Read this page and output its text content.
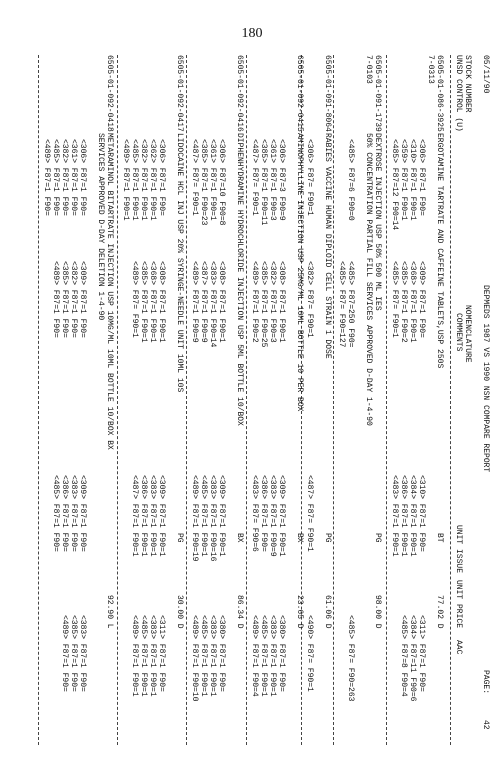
180
05/11/90
DEPMEDS 1987 VS 1990 NSN COMPARE REPORT
PAGE:
42
STOCK NUMBER
UNSD CONTROL (U)
NOMENCLATURE
COMMENTS
UNIT ISSUE
UNIT PRICE
AAC
6505-01-086-3925
7-0313
ERGOTAMINE TARTRATE AND CAFFEINE TABLETS,USP 250S
BT
77.02 D
<306> F87=1 F90=
<310> F87=1 F90=1
<359> F87=1 F90=1
<485> F87=12 F90=14
<309> F87=1 F90=
<368> F87=1 F90=1
<385> F87=1 F90=2
<485> F87= F90=1
<310> F87=1 F90=
<384> F87=1 F90=1
<386> F87=1 F90=1
<483> F87=1 F90=1
<311> F87=1 F90=
<384> F87=11 F90=6
<485> F87=8 F90=4
6505-01-091-1739
7-0103
DEXTROSE INJECTION USP 50% 500 ML IES
50% CONCENTRATION PARTIAL FILL SERVICES APPROVED D-DAY 1-4-90
PG
98.00 D
<485> F87=6 F90=0
<485> F87=250 F90=
<485> F87= F90=127
<485> F87= F90=263
6505-01-091-8064
RABIES VACCINE HUMAN DIPLOID CELL STRAIN 1 DOSE
PG
61.06 D
<306> F87= F90=1
<382> F87= F90=1
<487> F87= F90=1
<490> F87= F90=1
6505-01-092-0415
AMINOPHYLLINE INJECTION USP 25MG/ML 10ML BOTTLE 10 PER BOX
BX
23.65 D
<306> F87=3 F90=9
<361> F87=1 F90=3
<385> F87=1 F90=11
<487> F87= F90=1
<308> F87=1 F90=1
<382> F87=1 F90=3
<385> F87=1 F90=25
<489> F87=1 F90=2
<309> F87=1 F90=1
<383> F87=1 F90=9
<386> F87=1 F90=
<483> F87= F90=6
<380> F87=1 F90=
<383> F87=1 F90=1
<485> F87=1 F90=1
<489> F87=1 F90=4
6505-01-092-0416
DIPHENHYDRAMINE HYDROCHLORIDE INJECTION USP 5ML BOTTLE 10/BOX
BX
86.34 D
<306> F87=10 F90=8
<361> F87=1 F90=1
<385> F87=1 F90=23
<487> F87= F90=1
<308> F87=1 F90=1
<383> F87=1 F90=14
<387> F87=1 F90=9
<489> F87=1 F90=9
<309> F87=1 F90=1
<383> F87=1 F90=16
<485> F87=1 F90=1
<489> F87=1 F90=19
<380> F87=1 F90=
<383> F87=1 F90=1
<485> F87=1 F90=1
<489> F87=1 F90=10
6505-01-092-0417
LIDOCAINE HCL INJ USP 20% SYRINGE-NEEDLE UNIT 10ML 10S
PG
30.00 D
<306> F87=1 F90=
<362> F87=1 F90=1
<382> F87=1 F90=1
<485> F87=1 F90=1
<489> F87=1 F90=1
<308> F87=1 F90=1
<368> F87=1 F90=1
<385> F87=1 F90=1
<489> F87= F90=1
<309> F87=1 F90=1
<383> F87=1 F90=1
<386> F87=1 F90=1
<487> F87=1 F90=1
<311> F87=1 F90=
<383> F87=1 F90=1
<485> F87=1 F90=1
<489> F87=1 F90=1
6505-01-092-0418
METARAMINOL BITARTRATE INJECTION USP 10MG/ML 10ML BOTTLE 10/BOX BX
SERVICES APPROVED D-DAY DELETION 1-4-90
92.90 L
<306> F87=1 F90=
<361> F87=1 F90=
<382> F87=1 F90=
<485> F87=1 F90=
<489> F87=1 F90=
<309> F87=1 F90=
<382> F87=1 F90=
<385> F87=1 F90=
<489> F87=1 F90=
<309> F87=1 F90=
<383> F87=1 F90=
<386> F87=1 F90=
<485> F87=1 F90=
<383> F87=1 F90=
<385> F87=1 F90=
<489> F87=1 F90=
